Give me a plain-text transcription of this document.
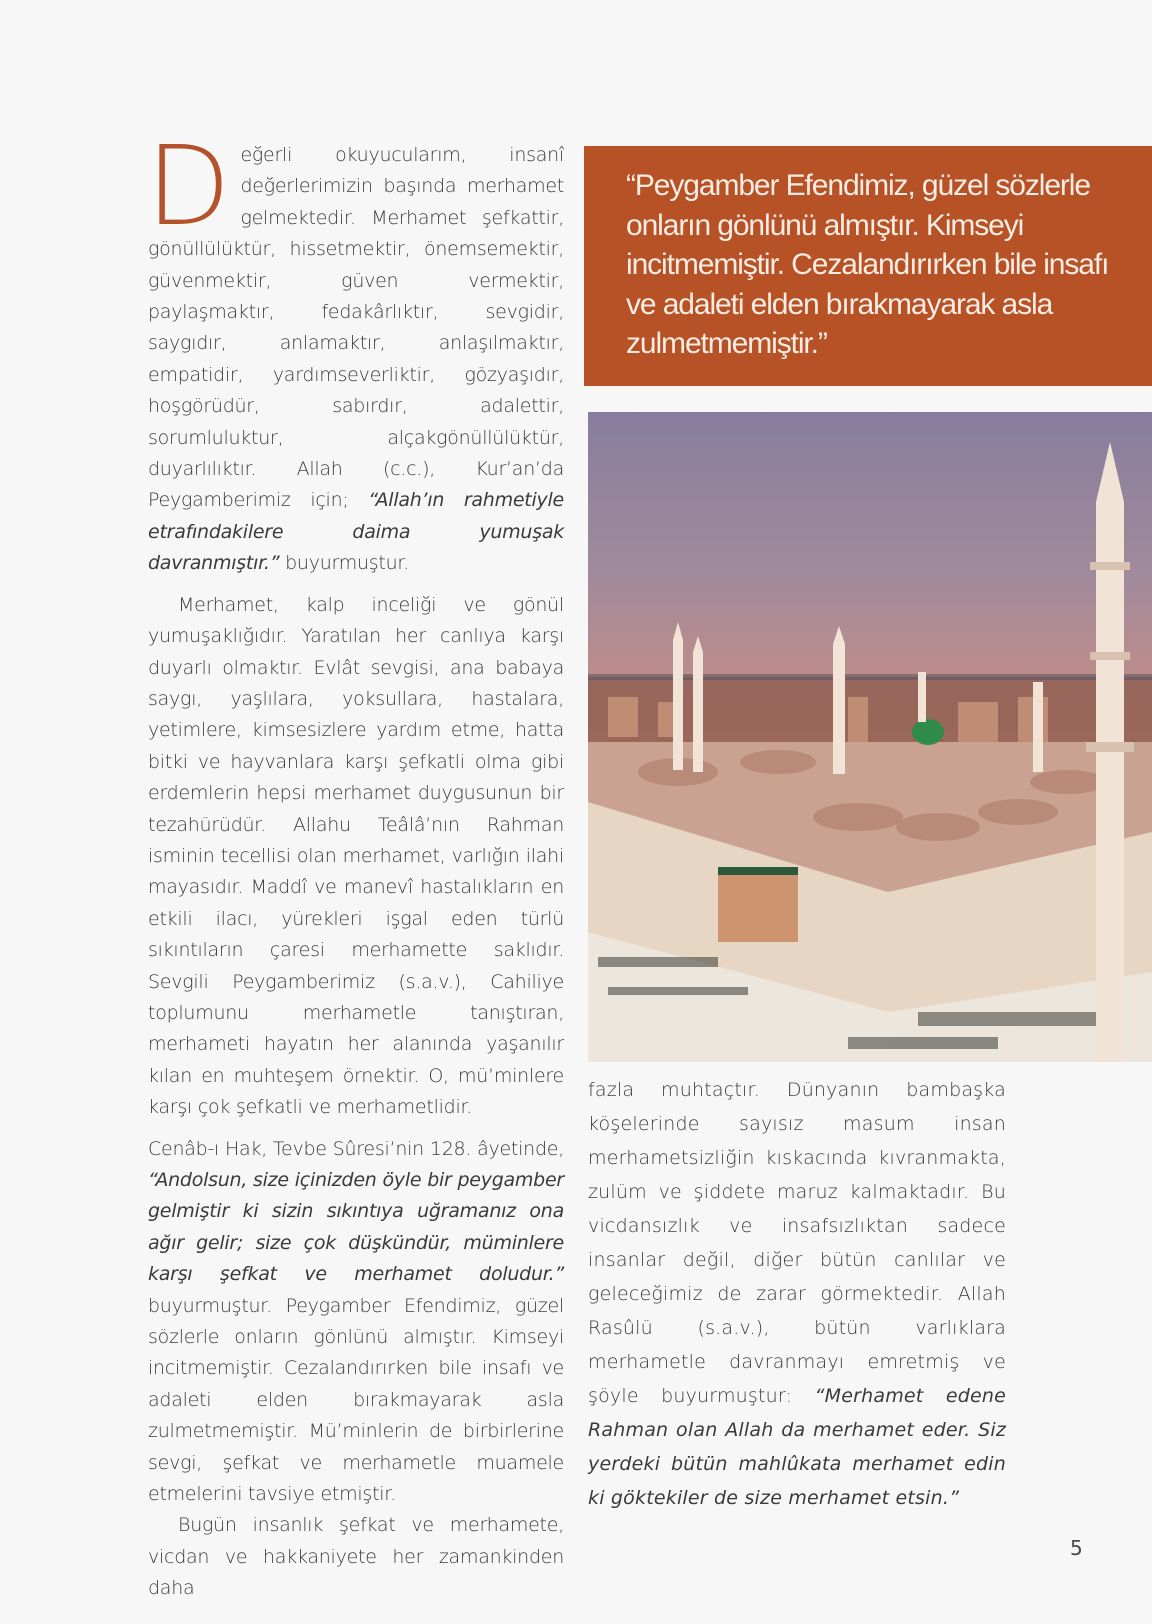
Değerli okuyucularım, insanî değerlerimizin başında merhamet gelmektedir. Merhamet şefkattir, gönüllülüktür, hissetmektir, önemsemektir, güvenmektir, güven vermektir, paylaşmaktır, fedakârlıktır, sevgidir, saygıdır, anlamaktır, anlaşılmaktır, empatidir, yardımseverliktir, gözyaşıdır, hoşgörüdür, sabırdır, adalettir, sorumluluktur, alçakgönüllülüktür, duyarlılıktır. Allah (c.c.), Kur’an’da Peygamberimiz için; “Allah’ın rahmetiyle etrafındakilere daima yumuşak davranmıştır.” buyurmuştur.

Merhamet, kalp inceliği ve gönül yumuşaklığıdır. Yaratılan her canlıya karşı duyarlı olmaktır. Evlât sevgisi, ana babaya saygı, yaşlılara, yoksullara, hastalara, yetimlere, kimsesizlere yardım etme, hatta bitki ve hayvanlara karşı şefkatli olma gibi erdemlerin hepsi merhamet duygusunun bir tezahürüdür. Allahu Teâlâ’nın Rahman isminin tecellisi olan merhamet, varlığın ilahi mayasıdır. Maddî ve manevî hastalıkların en etkili ilacı, yürekleri işgal eden türlü sıkıntıların çaresi merhamette saklıdır. Sevgili Peygamberimiz (s.a.v.), Cahiliye toplumunu merhametle tanıştıran, merhameti hayatın her alanında yaşanılır kılan en muhteşem örnektir. O, mü’minlere karşı çok şefkatli ve merhametlidir.

Cenâb-ı Hak, Tevbe Sûresi’nin 128. âyetinde, “Andolsun, size içinizden öyle bir peygamber gelmiştir ki sizin sıkıntıya uğramanız ona ağır gelir; size çok düşkündür, müminlere karşı şefkat ve merhamet doludur.” buyurmuştur. Peygamber Efendimiz, güzel sözlerle onların gönlünü almıştır. Kimseyi incitmemiştir. Cezalandırırken bile insafı ve adaleti elden bırakmayarak asla zulmetmemiştir. Mü’minlerin de birbirlerine sevgi, şefkat ve merhametle muamele etmelerini tavsiye etmiştir.

Bugün insanlık şefkat ve merhamete, vicdan ve hakkaniyete her zamankinden daha

“Peygamber Efendimiz, güzel sözlerle onların gönlünü almıştır. Kimseyi incitmemiştir. Cezalandırırken bile insafı ve adaleti elden bırakmayarak asla zulmetmemiştir.”

fazla muhtaçtır. Dünyanın bambaşka köşelerinde sayısız masum insan merhametsizliğin kıskacında kıvranmakta, zulüm ve şiddete maruz kalmaktadır. Bu vicdansızlık ve insafsızlıktan sadece insanlar değil, diğer bütün canlılar ve geleceğimiz de zarar görmektedir. Allah Rasûlü (s.a.v.), bütün varlıklara merhametle davranmayı emretmiş ve şöyle buyurmuştur: “Merhamet edene Rahman olan Allah da merhamet eder. Siz yerdeki bütün mahlûkata merhamet edin ki göktekiler de size merhamet etsin.”

5
